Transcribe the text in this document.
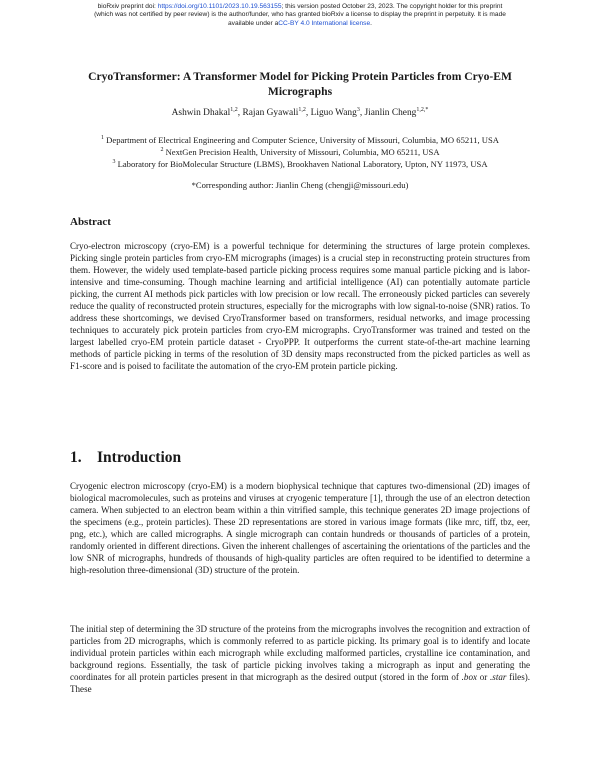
bioRxiv preprint doi: https://doi.org/10.1101/2023.10.19.563155; this version posted October 23, 2023. The copyright holder for this preprint
(which was not certified by peer review) is the author/funder, who has granted bioRxiv a license to display the preprint in perpetuity. It is made
available under aCC-BY 4.0 International license.
CryoTransformer: A Transformer Model for Picking Protein Particles from Cryo-EM Micrographs
Ashwin Dhakal$^{1,2}$, Rajan Gyawali$^{1,2}$, Liguo Wang$^3$, Jianlin Cheng$^{1,2,*}$
$^1$ Department of Electrical Engineering and Computer Science, University of Missouri, Columbia, MO 65211, USA
$^2$ NextGen Precision Health, University of Missouri, Columbia, MO 65211, USA
$^3$ Laboratory for BioMolecular Structure (LBMS), Brookhaven National Laboratory, Upton, NY 11973, USA
*Corresponding author: Jianlin Cheng (chengji@missouri.edu)
Abstract

Cryo-electron microscopy (cryo-EM) is a powerful technique for determining the structures of large protein complexes. Picking single protein particles from cryo-EM micrographs (images) is a crucial step in reconstructing protein structures from them. However, the widely used template-based particle picking process requires some manual particle picking and is labor-intensive and time-consuming. Though machine learning and artificial intelligence (AI) can potentially automate particle picking, the current AI methods pick particles with low precision or low recall. The erroneously picked particles can severely reduce the quality of reconstructed protein structures, especially for the micrographs with low signal-to-noise (SNR) ratios. To address these shortcomings, we devised CryoTransformer based on transformers, residual networks, and image processing techniques to accurately pick protein particles from cryo-EM micrographs. CryoTransformer was trained and tested on the largest labelled cryo-EM protein particle dataset - CryoPPP. It outperforms the current state-of-the-art machine learning methods of particle picking in terms of the resolution of 3D density maps reconstructed from the picked particles as well as F1-score and is poised to facilitate the automation of the cryo-EM protein particle picking.

1. Introduction

Cryogenic electron microscopy (cryo-EM) is a modern biophysical technique that captures two-dimensional (2D) images of biological macromolecules, such as proteins and viruses at cryogenic temperature [1], through the use of an electron detection camera. When subjected to an electron beam within a thin vitrified sample, this technique generates 2D image projections of the specimens (e.g., protein particles). These 2D representations are stored in various image formats (like mrc, tiff, tbz, eer, png, etc.), which are called micrographs. A single micrograph can contain hundreds or thousands of particles of a protein, randomly oriented in different directions. Given the inherent challenges of ascertaining the orientations of the particles and the low SNR of micrographs, hundreds of thousands of high-quality particles are often required to be identified to determine a high-resolution three-dimensional (3D) structure of the protein.

The initial step of determining the 3D structure of the proteins from the micrographs involves the recognition and extraction of particles from 2D micrographs, which is commonly referred to as particle picking. Its primary goal is to identify and locate individual protein particles within each micrograph while excluding malformed particles, crystalline ice contamination, and background regions. Essentially, the task of particle picking involves taking a micrograph as input and generating the coordinates for all protein particles present in that micrograph as the desired output (stored in the form of .box or .star files). These
